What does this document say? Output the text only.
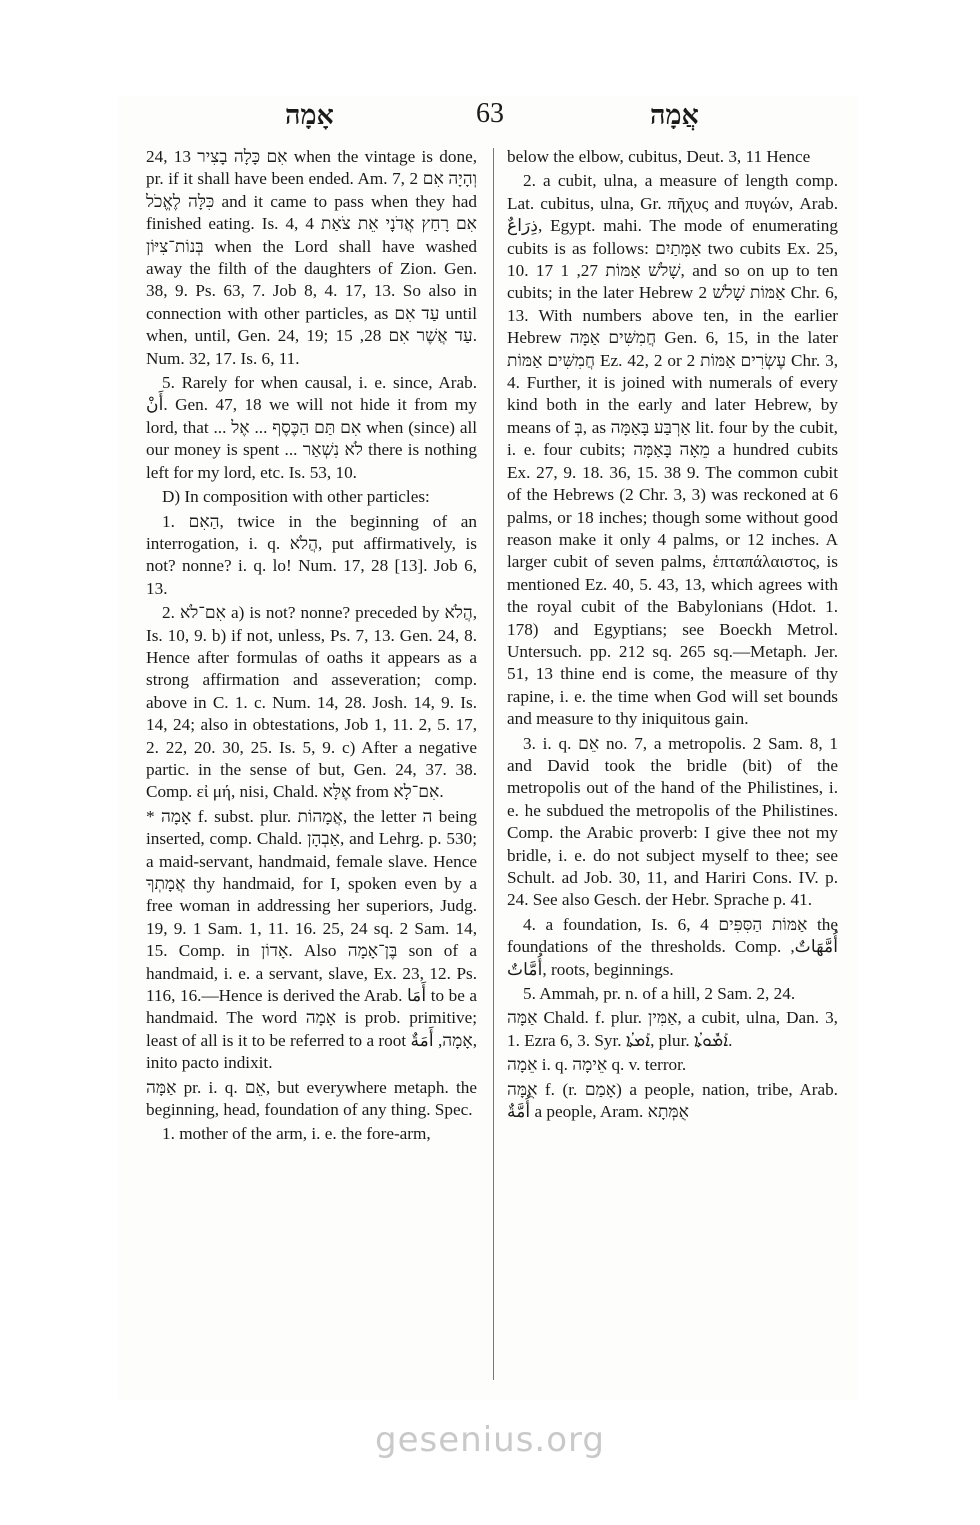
אָמָה	63	אֲמָה

24, 13 אִם כָּלָה בָצִיר when the vintage is done, pr. if it shall have been ended. Am. 7, 2 וְהָיָה אִם כִּלָּה לֶאֱכֹל and it came to pass when they had finished eating. Is. 4, 4 אִם רָחַץ אֲדֹנָי אֵת צֹאַת בְּנוֹת־צִיּוֹן when the Lord shall have washed away the filth of the daughters of Zion. Gen. 38, 9. Ps. 63, 7. Job 8, 4. 17, 13. So also in connection with other particles, as עַד אִם until when, until, Gen. 24, 19; עַד אֲשֶׁר אִם 28, 15. Num. 32, 17. Is. 6, 11.

5. Rarely for when causal, i. e. since, Arab. أَنْ. Gen. 47, 18 we will not hide it from my lord, that ... אִם תַּם הַכֶּסֶף ... אֶל when (since) all our money is spent ... לֹא נִשְׁאַר there is nothing left for my lord, etc. Is. 53, 10.

D) In composition with other particles:

1. הַאִם, twice in the beginning of an interrogation, i. q. הֲלֹא, put affirmatively, is not? nonne? i. q. lo! Num. 17, 28 [13]. Job 6, 13.

2. אִם־לֹא a) is not? nonne? preceded by הֲלֹא, Is. 10, 9. b) if not, unless, Ps. 7, 13. Gen. 24, 8. Hence after formulas of oaths it appears as a strong affirmation and asseveration; comp. above in C. 1. c. Num. 14, 28. Josh. 14, 9. Is. 14, 24; also in obtestations, Job 1, 11. 2, 5. 17, 2. 22, 20. 30, 25. Is. 5, 9. c) After a negative partic. in the sense of but, Gen. 24, 37. 38. Comp. εἰ μή, nisi, Chald. אֶלָּא from אִם־לָא.

* אָמָה f. subst. plur. אֲמָהוֹת, the letter ה being inserted, comp. Chald. אַבְהָן, and Lehrg. p. 530; a maid-servant, handmaid, female slave. Hence אֲמָתְךָ thy handmaid, for I, spoken even by a free woman in addressing her superiors, Judg. 19, 9. 1 Sam. 1, 11. 16. 25, 24 sq. 2 Sam. 14, 15. Comp. in אָדוֹן. Also בֶּן־אָמָה son of a handmaid, i. e. a servant, slave, Ex. 23, 12. Ps. 116, 16.—Hence is derived the Arab. أَمَا to be a handmaid. The word אָמָה is prob. primitive; least of all is it to be referred to a root אָמָה, أَمَةٌ, inito pacto indixit.

אַמָּה pr. i. q. אֵם, but everywhere metaph. the beginning, head, foundation of any thing. Spec.

1. mother of the arm, i. e. the fore-arm,

below the elbow, cubitus, Deut. 3, 11 Hence

2. a cubit, ulna, a measure of length comp. Lat. cubitus, ulna, Gr. πῆχυς and πυγών, Arab. ذِرَاعٌ, Egypt. mahi. The mode of enumerating cubits is as follows: אַמָּתַיִם two cubits Ex. 25, 10. 17 שָׁלֹשׁ אַמּוֹת 27, 1, and so on up to ten cubits; in the later Hebrew אַמּוֹת שָׁלֹשׁ 2 Chr. 6, 13. With numbers above ten, in the earlier Hebrew חֲמִשִּׁים אַמָּה Gen. 6, 15, in the later חֲמִשִּׁים אַמּוֹת Ez. 42, 2 or עֶשְׂרִים אַמּוֹת 2 Chr. 3, 4. Further, it is joined with numerals of every kind both in the early and later Hebrew, by means of בְּ, as אַרְבַּע בָּאַמָּה lit. four by the cubit, i. e. four cubits; מֵאָה בָּאַמָּה a hundred cubits Ex. 27, 9. 18. 36, 15. 38 9. The common cubit of the Hebrews (2 Chr. 3, 3) was reckoned at 6 palms, or 18 inches; though some without good reason make it only 4 palms, or 12 inches. A larger cubit of seven palms, ἑπταπάλαιστος, is mentioned Ez. 40, 5. 43, 13, which agrees with the royal cubit of the Babylonians (Hdot. 1. 178) and Egyptians; see Boeckh Metrol. Untersuch. pp. 212 sq. 265 sq.—Metaph. Jer. 51, 13 thine end is come, the measure of thy rapine, i. e. the time when God will set bounds and measure to thy iniquitous gain.

3. i. q. אֵם no. 7, a metropolis. 2 Sam. 8, 1 and David took the bridle (bit) of the metropolis out of the hand of the Philistines, i. e. he subdued the metropolis of the Philistines. Comp. the Arabic proverb: I give thee not my bridle, i. e. do not subject myself to thee; see Schult. ad Job. 30, 11, and Hariri Cons. IV. p. 24. See also Gesch. der Hebr. Sprache p. 41.

4. a foundation, Is. 6, 4 אַמּוֹת הַסִּפִּים the foundations of the thresholds. Comp. أُمَّهَاتٌ, أُمَّاتٌ, roots, beginnings.

5. Ammah, pr. n. of a hill, 2 Sam. 2, 24.

אַמָּה Chald. f. plur. אַמִּין, a cubit, ulna, Dan. 3, 1. Ezra 6, 3. Syr. ܐܰܡܬܳܐ, plur. ܐܰܡܽܘܬܳܐ.

אֵמָה i. q. אֵימָה q. v. terror.

אֻמָּה f. (r. אָמַם) a people, nation, tribe, Arab. أُمَّةٌ a people, Aram. אֻמְּתָא

gesenius.org
